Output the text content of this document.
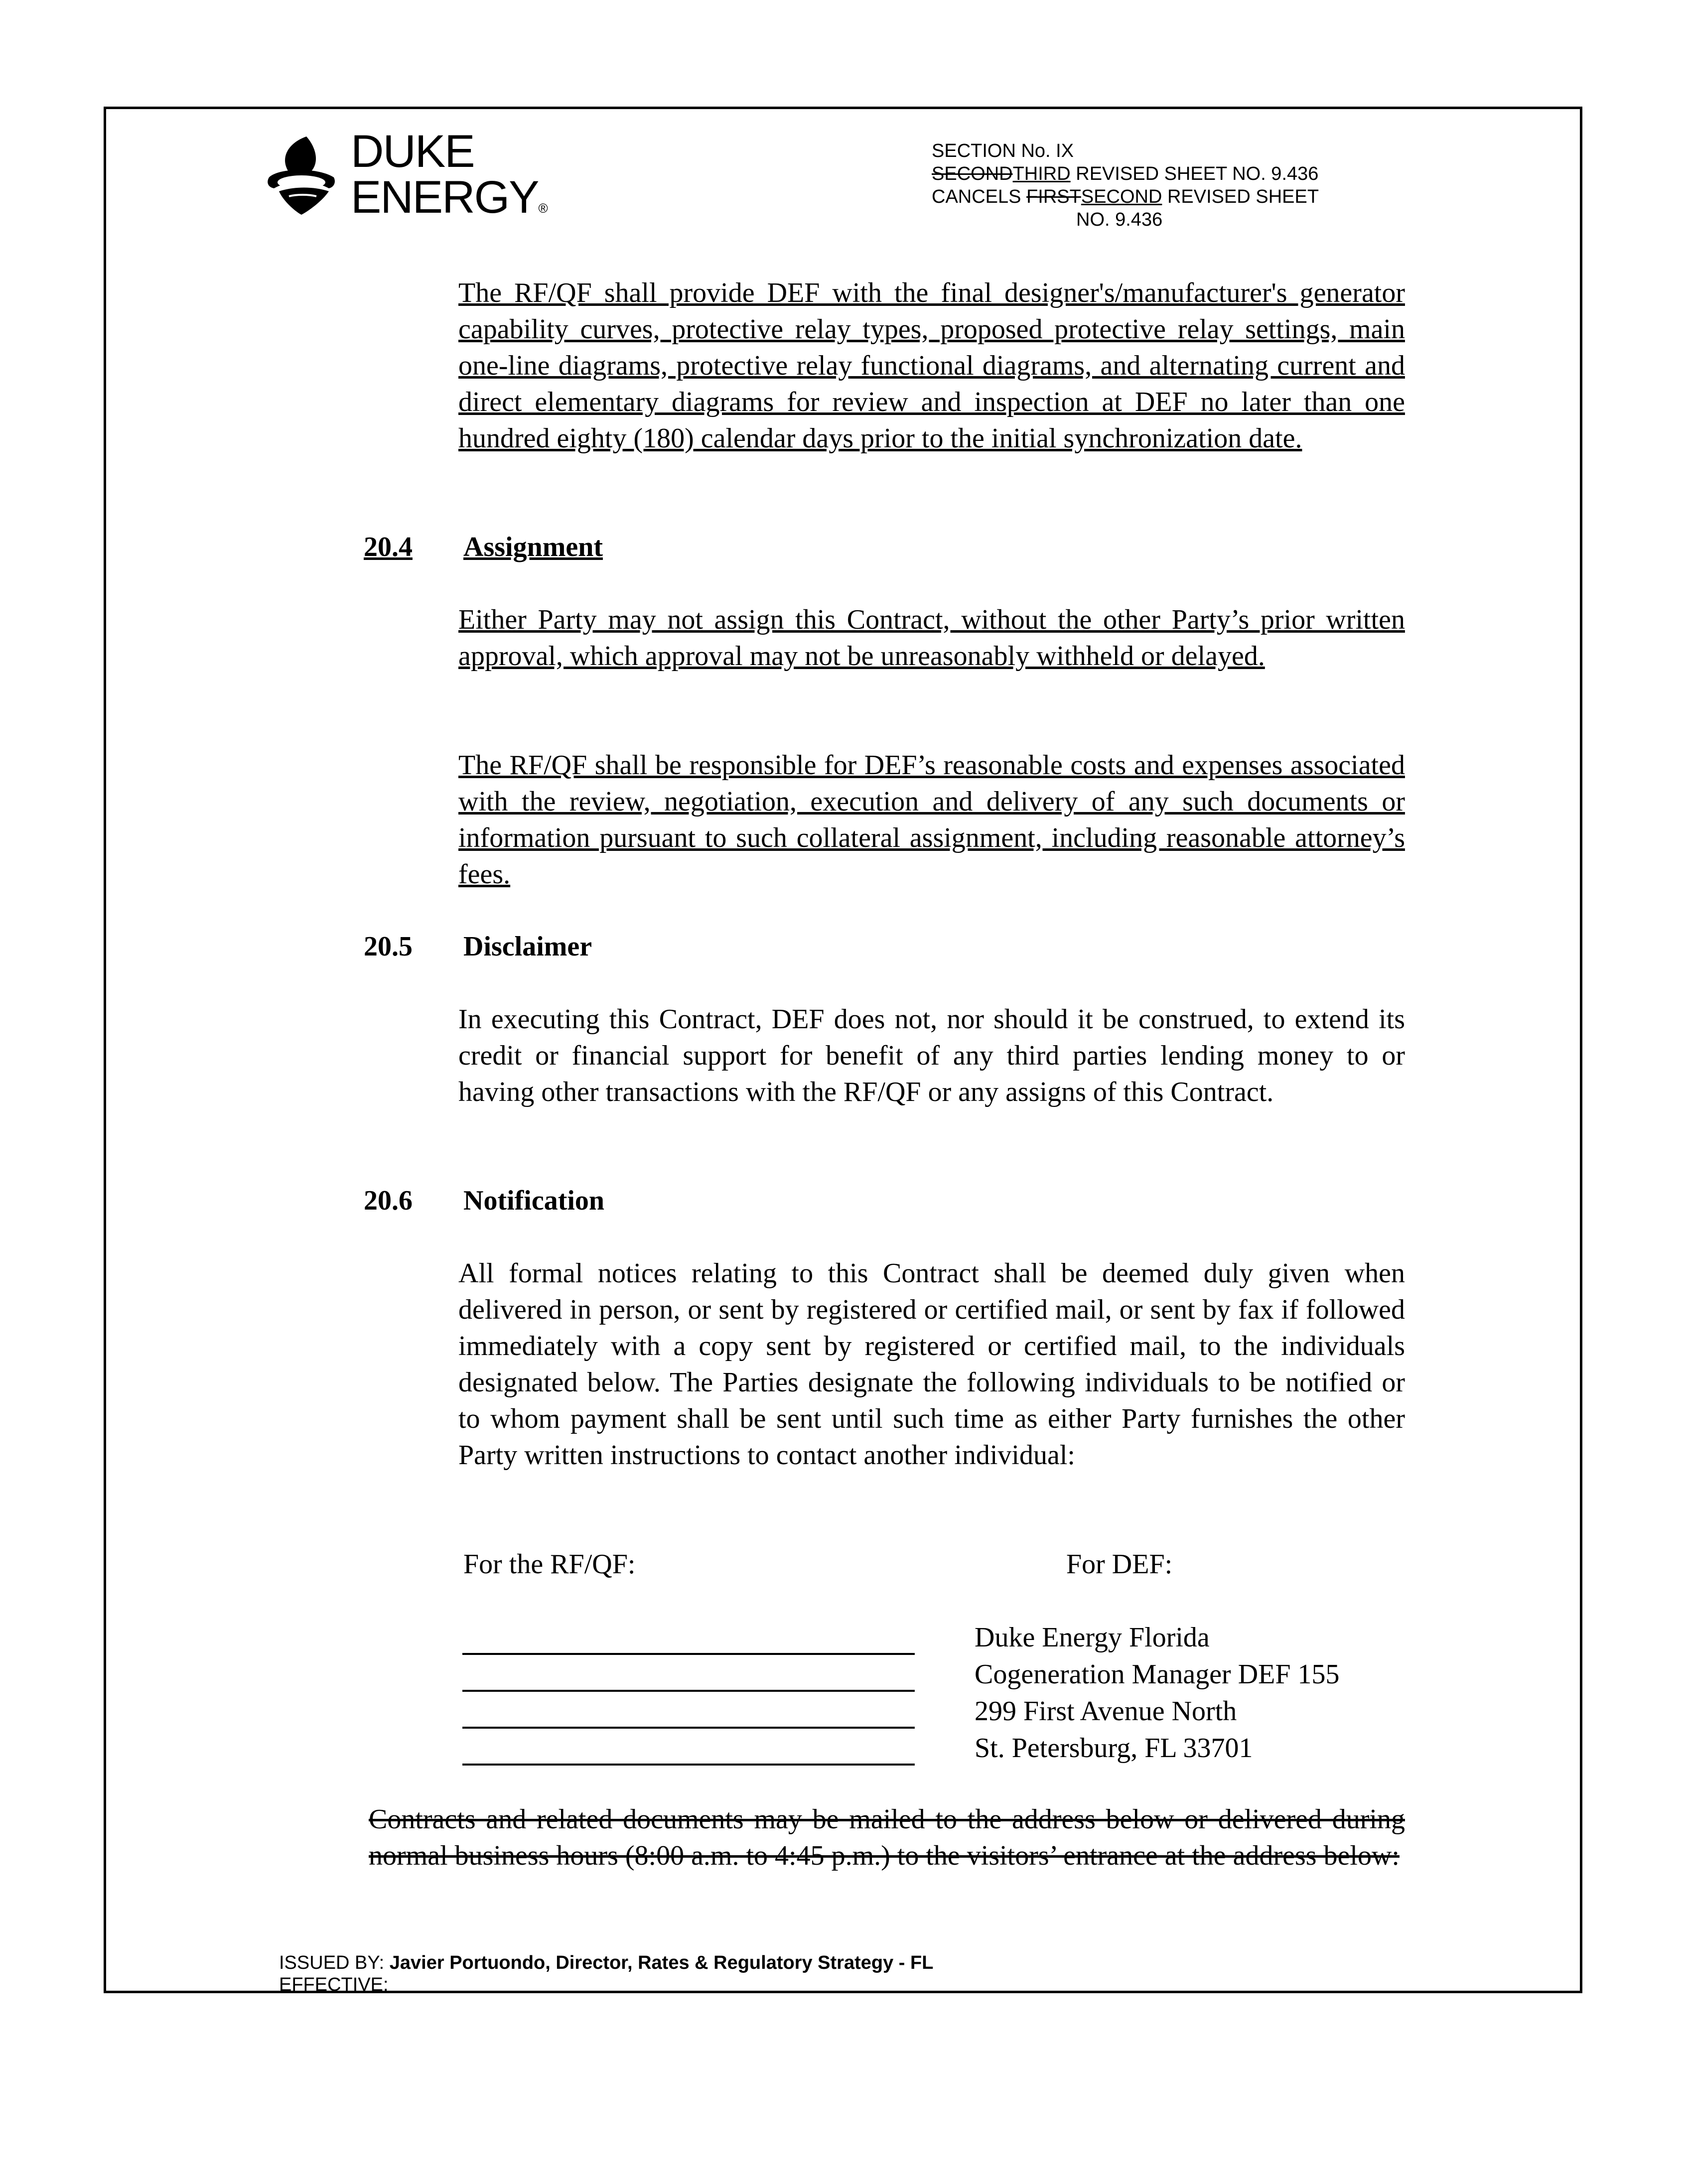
DUKE
ENERGY®
SECTION No. IX
SECONDTHIRD REVISED SHEET NO. 9.436
CANCELS FIRSTSECOND REVISED SHEET
NO. 9.436
The RF/QF shall provide DEF with the final designer's/manufacturer's generator capability curves, protective relay types, proposed protective relay settings, main one-line diagrams, protective relay functional diagrams, and alternating current and direct elementary diagrams for review and inspection at DEF no later than one hundred eighty (180) calendar days prior to the initial synchronization date.
20.4 Assignment
Either Party may not assign this Contract, without the other Party’s prior written approval, which approval may not be unreasonably withheld or delayed.
The RF/QF shall be responsible for DEF’s reasonable costs and expenses associated with the review, negotiation, execution and delivery of any such documents or information pursuant to such collateral assignment, including reasonable attorney’s fees.
20.5 Disclaimer
In executing this Contract, DEF does not, nor should it be construed, to extend its credit or financial support for benefit of any third parties lending money to or having other transactions with the RF/QF or any assigns of this Contract.
20.6 Notification
All formal notices relating to this Contract shall be deemed duly given when delivered in person, or sent by registered or certified mail, or sent by fax if followed immediately with a copy sent by registered or certified mail, to the individuals designated below. The Parties designate the following individuals to be notified or to whom payment shall be sent until such time as either Party furnishes the other Party written instructions to contact another individual:
For the RF/QF:	For DEF:
Duke Energy Florida
Cogeneration Manager DEF 155
299 First Avenue North
St. Petersburg, FL 33701
Contracts and related documents may be mailed to the address below or delivered during normal business hours (8:00 a.m. to 4:45 p.m.) to the visitors’ entrance at the address below:
ISSUED BY: Javier Portuondo, Director, Rates & Regulatory Strategy - FL
EFFECTIVE:
